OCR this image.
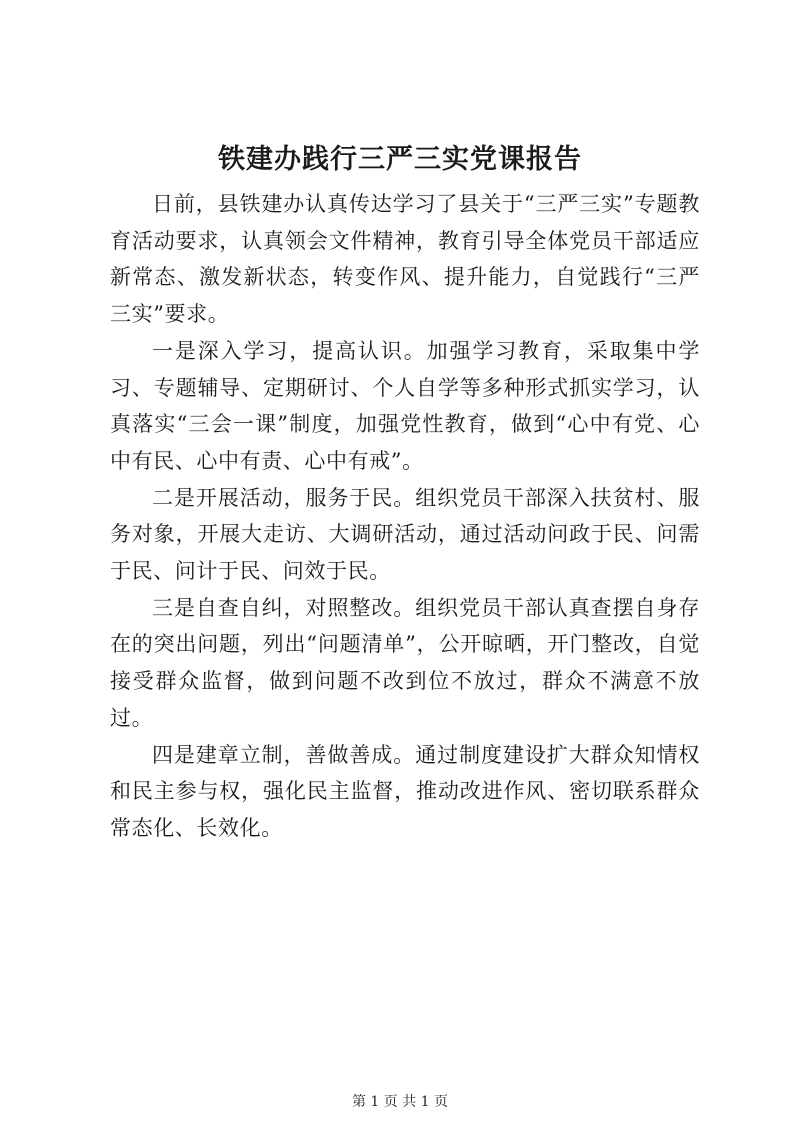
铁建办践行三严三实党课报告

日前，县铁建办认真传达学习了县关于“三严三实”专题教育活动要求，认真领会文件精神，教育引导全体党员干部适应新常态、激发新状态，转变作风、提升能力，自觉践行“三严三实”要求。

一是深入学习，提高认识。加强学习教育，采取集中学习、专题辅导、定期研讨、个人自学等多种形式抓实学习，认真落实“三会一课”制度，加强党性教育，做到“心中有党、心中有民、心中有责、心中有戒”。

二是开展活动，服务于民。组织党员干部深入扶贫村、服务对象，开展大走访、大调研活动，通过活动问政于民、问需于民、问计于民、问效于民。

三是自查自纠，对照整改。组织党员干部认真查摆自身存在的突出问题，列出“问题清单”，公开晾晒，开门整改，自觉接受群众监督，做到问题不改到位不放过，群众不满意不放过。

四是建章立制，善做善成。通过制度建设扩大群众知情权和民主参与权，强化民主监督，推动改进作风、密切联系群众常态化、长效化。

第 1 页 共 1 页
